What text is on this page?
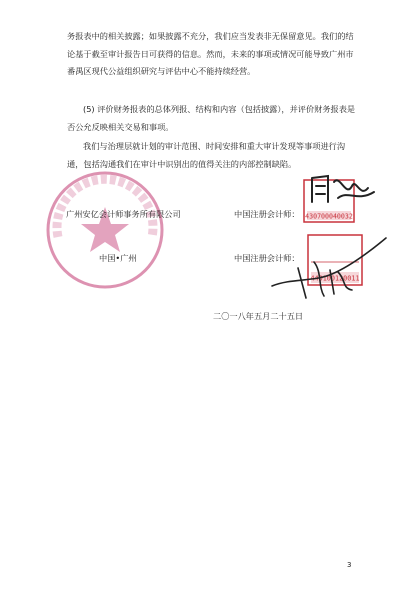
务报表中的相关披露；如果披露不充分，我们应当发表非无保留意见。我们的结论基于截至审计报告日可获得的信息。然而，未来的事项或情况可能导致广州市番禺区现代公益组织研究与评估中心不能持续经营。

(5) 评价财务报表的总体列报、结构和内容（包括披露），并评价财务报表是否公允反映相关交易和事项。

我们与治理层就计划的审计范围、时间安排和重大审计发现等事项进行沟通，包括沟通我们在审计中识别出的值得关注的内部控制缺陷。

广州安亿会计师事务所有限公司
中国•广州
中国注册会计师：
中国注册会计师：
430700040032
440100120011
二〇一八年五月二十五日
3
